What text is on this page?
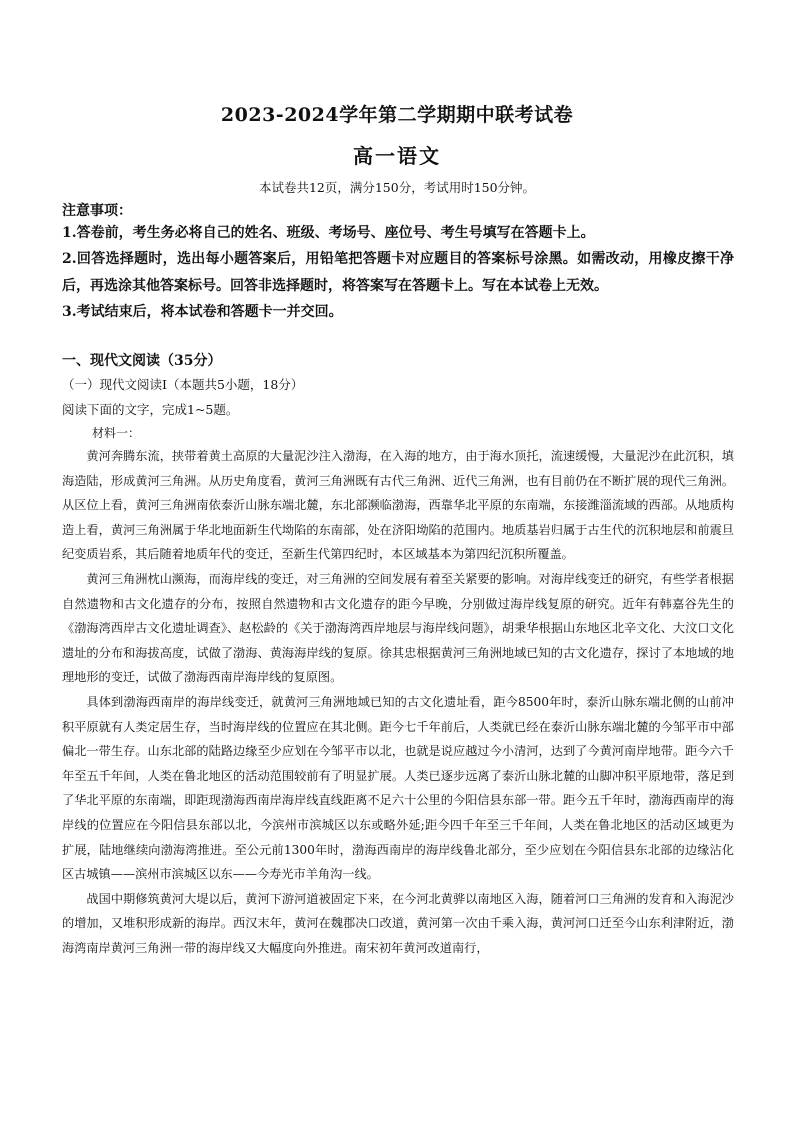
2023-2024学年第二学期期中联考试卷
高一语文
本试卷共12页，满分150分，考试用时150分钟。
注意事项：

1.答卷前，考生务必将自己的姓名、班级、考场号、座位号、考生号填写在答题卡上。

2.回答选择题时，选出每小题答案后，用铅笔把答题卡对应题目的答案标号涂黑。如需改动，用橡皮擦干净后，再选涂其他答案标号。回答非选择题时，将答案写在答题卡上。写在本试卷上无效。

3.考试结束后，将本试卷和答题卡一并交回。

一、现代文阅读（35分）
（一）现代文阅读Ⅰ（本题共5小题，18分）
阅读下面的文字，完成1~5题。
材料一：

黄河奔腾东流，挟带着黄土高原的大量泥沙注入渤海，在入海的地方，由于海水顶托，流速缓慢，大量泥沙在此沉积，填海造陆，形成黄河三角洲。从历史角度看，黄河三角洲既有古代三角洲、近代三角洲，也有目前仍在不断扩展的现代三角洲。从区位上看，黄河三角洲南依泰沂山脉东端北麓，东北部濒临渤海，西靠华北平原的东南端，东接潍淄流域的西部。从地质构造上看，黄河三角洲属于华北地面新生代坳陷的东南部，处在济阳坳陷的范围内。地质基岩归属于古生代的沉积地层和前震旦纪变质岩系，其后随着地质年代的变迁，至新生代第四纪时，本区域基本为第四纪沉积所覆盖。

黄河三角洲枕山濒海，而海岸线的变迁，对三角洲的空间发展有着至关紧要的影响。对海岸线变迁的研究，有些学者根据自然遗物和古文化遗存的分布，按照自然遗物和古文化遗存的距今早晚，分别做过海岸线复原的研究。近年有韩嘉谷先生的《渤海湾西岸古文化遗址调查》、赵松龄的《关于渤海湾西岸地层与海岸线问题》，胡秉华根据山东地区北辛文化、大汶口文化遗址的分布和海拔高度，试做了渤海、黄海海岸线的复原。徐其忠根据黄河三角洲地域已知的古文化遗存，探讨了本地域的地理地形的变迁，试做了渤海西南岸海岸线的复原图。

具体到渤海西南岸的海岸线变迁，就黄河三角洲地域已知的古文化遗址看，距今8500年时，泰沂山脉东端北侧的山前冲积平原就有人类定居生存，当时海岸线的位置应在其北侧。距今七千年前后，人类就已经在泰沂山脉东端北麓的今邹平市中部偏北一带生存。山东北部的陆路边缘至少应划在今邹平市以北，也就是说应越过今小清河，达到了今黄河南岸地带。距今六千年至五千年间，人类在鲁北地区的活动范围较前有了明显扩展。人类已逐步远离了泰沂山脉北麓的山脚冲积平原地带，落足到了华北平原的东南端，即距现渤海西南岸海岸线直线距离不足六十公里的今阳信县东部一带。距今五千年时，渤海西南岸的海岸线的位置应在今阳信县东部以北，今滨州市滨城区以东或略外延;距今四千年至三千年间，人类在鲁北地区的活动区域更为扩展，陆地继续向渤海湾推进。至公元前1300年时，渤海西南岸的海岸线鲁北部分，至少应划在今阳信县东北部的边缘沾化区古城镇——滨州市滨城区以东——今寿光市羊角沟一线。

战国中期修筑黄河大堤以后，黄河下游河道被固定下来，在今河北黄骅以南地区入海，随着河口三角洲的发育和入海泥沙的增加，又堆积形成新的海岸。西汉末年，黄河在魏郡决口改道，黄河第一次由千乘入海，黄河河口迁至今山东利津附近，渤海湾南岸黄河三角洲一带的海岸线又大幅度向外推进。南宋初年黄河改道南行，
